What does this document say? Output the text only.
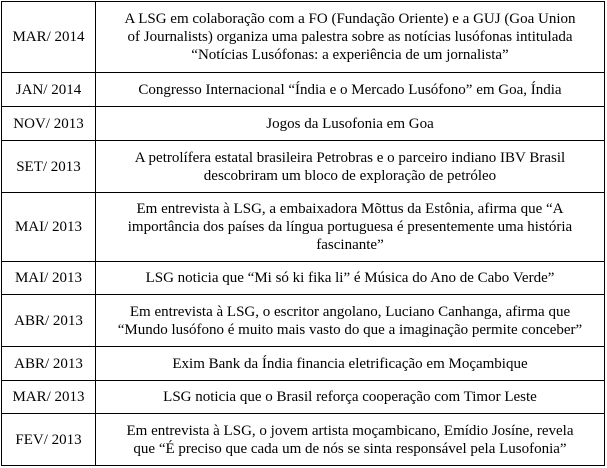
MAR/ 2014	A LSG em colaboração com a FO (Fundação Oriente) e a GUJ (Goa Union
of Journalists) organiza uma palestra sobre as notícias lusófonas intitulada
“Notícias Lusófonas: a experiência de um jornalista”
JAN/ 2014	Congresso Internacional “Índia e o Mercado Lusófono” em Goa, Índia
NOV/ 2013	Jogos da Lusofonia em Goa
SET/ 2013	A petrolífera estatal brasileira Petrobras e o parceiro indiano IBV Brasil
descobriram um bloco de exploração de petróleo
MAI/ 2013	Em entrevista à LSG, a embaixadora Mõttus da Estônia, afirma que “A
importância dos países da língua portuguesa é presentemente uma história
fascinante”
MAI/ 2013	LSG noticia que “Mi só ki fika li” é Música do Ano de Cabo Verde”
ABR/ 2013	Em entrevista à LSG, o escritor angolano, Luciano Canhanga, afirma que
“Mundo lusófono é muito mais vasto do que a imaginação permite conceber”
ABR/ 2013	Exim Bank da Índia financia eletrificação em Moçambique
MAR/ 2013	LSG noticia que o Brasil reforça cooperação com Timor Leste
FEV/ 2013	Em entrevista à LSG, o jovem artista moçambicano, Emídio Josíne, revela
que “É preciso que cada um de nós se sinta responsável pela Lusofonia”
